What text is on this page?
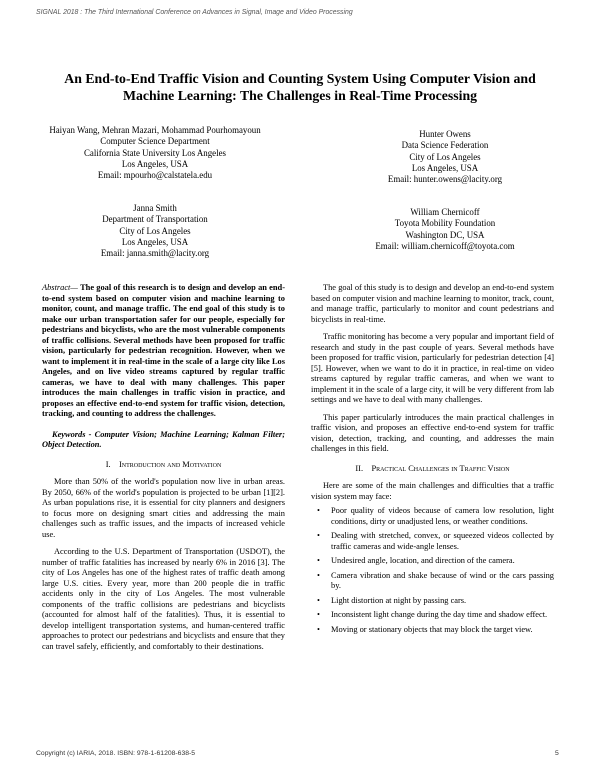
SIGNAL 2018 : The Third International Conference on Advances in Signal, Image and Video Processing
An End-to-End Traffic Vision and Counting System Using Computer Vision and Machine Learning: The Challenges in Real-Time Processing
Haiyan Wang, Mehran Mazari, Mohammad Pourhomayoun
Computer Science Department
California State University Los Angeles
Los Angeles, USA
Email: mpourho@calstatela.edu
Hunter Owens
Data Science Federation
City of Los Angeles
Los Angeles, USA
Email: hunter.owens@lacity.org
Janna Smith
Department of Transportation
City of Los Angeles
Los Angeles, USA
Email: janna.smith@lacity.org
William Chernicoff
Toyota Mobility Foundation
Washington DC, USA
Email: william.chernicoff@toyota.com

Abstract— The goal of this research is to design and develop an end-to-end system based on computer vision and machine learning to monitor, count, and manage traffic. The end goal of this study is to make our urban transportation safer for our people, especially for pedestrians and bicyclists, who are the most vulnerable components of traffic collisions. Several methods have been proposed for traffic vision, particularly for pedestrian recognition. However, when we want to implement it in real-time in the scale of a large city like Los Angeles, and on live video streams captured by regular traffic cameras, we have to deal with many challenges. This paper introduces the main challenges in traffic vision in practice, and proposes an effective end-to-end system for traffic vision, detection, tracking, and counting to address the challenges.

Keywords - Computer Vision; Machine Learning; Kalman Filter; Object Detection.

I. Introduction and Motivation

More than 50% of the world's population now live in urban areas. By 2050, 66% of the world's population is projected to be urban [1][2]. As urban populations rise, it is essential for city planners and designers to focus more on designing smart cities and addressing the main challenges such as traffic issues, and the impacts of increased vehicle use.

According to the U.S. Department of Transportation (USDOT), the number of traffic fatalities has increased by nearly 6% in 2016 [3]. The city of Los Angeles has one of the highest rates of traffic death among large U.S. cities. Every year, more than 200 people die in traffic accidents only in the city of Los Angeles. The most vulnerable components of the traffic collisions are pedestrians and bicyclists (accounted for almost half of the fatalities). Thus, it is essential to develop intelligent transportation systems, and human-centered traffic approaches to protect our pedestrians and bicyclists and ensure that they can travel safely, efficiently, and comfortably to their destinations.

The goal of this study is to design and develop an end-to-end system based on computer vision and machine learning to monitor, track, count, and manage traffic, particularly to monitor and count pedestrians and bicyclists in real-time.

Traffic monitoring has become a very popular and important field of research and study in the past couple of years. Several methods have been proposed for traffic vision, particularly for pedestrian detection [4][5]. However, when we want to do it in practice, in real-time on video streams captured by regular traffic cameras, and when we want to implement it in the scale of a large city, it will be very different from lab settings and we have to deal with many challenges.

This paper particularly introduces the main practical challenges in traffic vision, and proposes an effective end-to-end system for traffic vision, detection, tracking, and counting, and addresses the main challenges in this field.

II. Practical Challenges in Traffic Vision

Here are some of the main challenges and difficulties that a traffic vision system may face:

• Poor quality of videos because of camera low resolution, light conditions, dirty or unadjusted lens, or weather conditions.
• Dealing with stretched, convex, or squeezed videos collected by traffic cameras and wide-angle lenses.
• Undesired angle, location, and direction of the camera.
• Camera vibration and shake because of wind or the cars passing by.
• Light distortion at night by passing cars.
• Inconsistent light change during the day time and shadow effect.
• Moving or stationary objects that may block the target view.
Copyright (c) IARIA, 2018. ISBN: 978-1-61208-638-5	5
